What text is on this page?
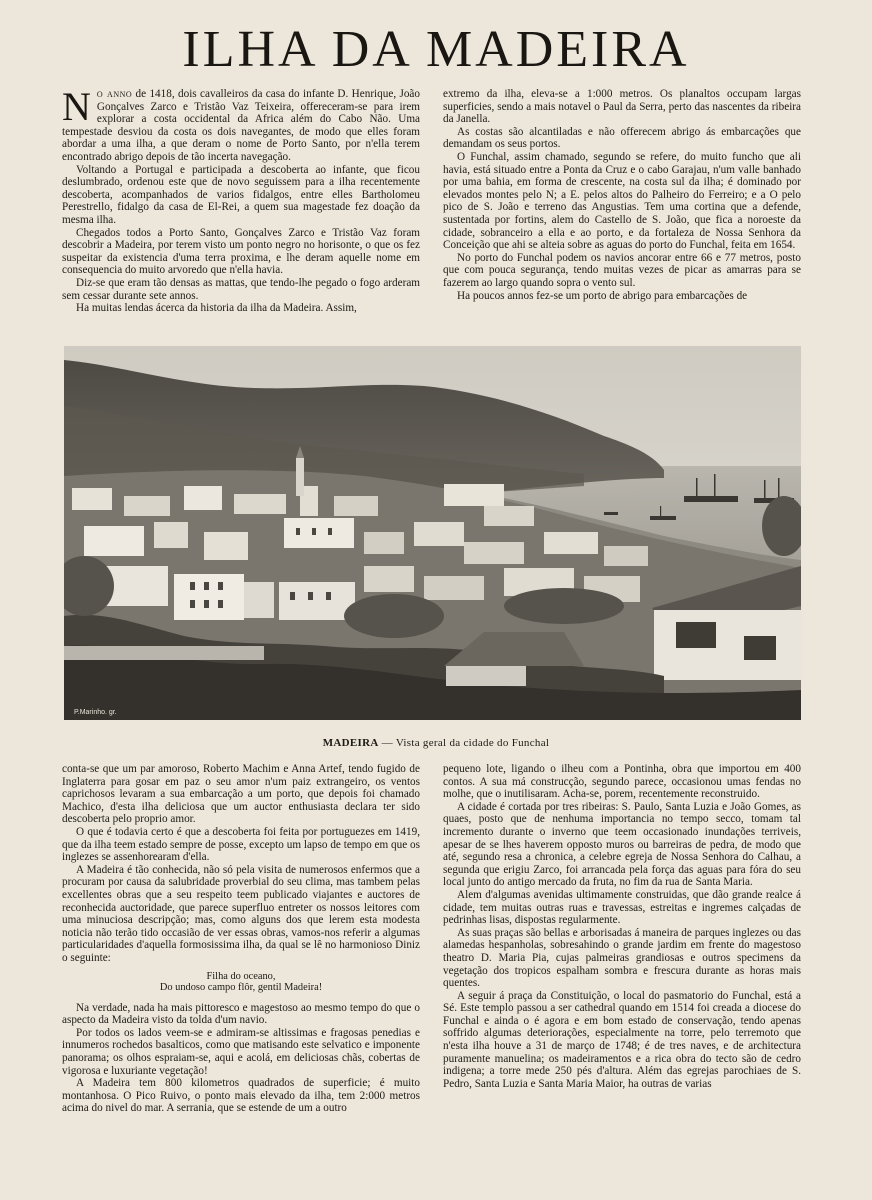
ILHA DA MADEIRA

No anno de 1418, dois cavalleiros da casa do infante D. Henrique, João Gonçalves Zarco e Tristão Vaz Teixeira, offereceram-se para irem explorar a costa occidental da Africa além do Cabo Não. Uma tempestade desviou da costa os dois navegantes, de modo que elles foram abordar a uma ilha, a que deram o nome de Porto Santo, por n'ella terem encontrado abrigo depois de tão incerta navegação.

Voltando a Portugal e participada a descoberta ao infante, que ficou deslumbrado, ordenou este que de novo seguissem para a ilha recentemente descoberta, acompanhados de varios fidalgos, entre elles Bartholomeu Perestrello, fidalgo da casa de El-Rei, a quem sua magestade fez doação da mesma ilha.

Chegados todos a Porto Santo, Gonçalves Zarco e Tristão Vaz foram descobrir a Madeira, por terem visto um ponto negro no horisonte, o que os fez suspeitar da existencia d'uma terra proxima, e lhe deram aquelle nome em consequencia do muito arvoredo que n'ella havia.

Diz-se que eram tão densas as mattas, que tendo-lhe pegado o fogo arderam sem cessar durante sete annos.

Ha muitas lendas ácerca da historia da ilha da Madeira. Assim,

extremo da ilha, eleva-se a 1:000 metros. Os planaltos occupam largas superficies, sendo a mais notavel o Paul da Serra, perto das nascentes da ribeira da Janella.

As costas são alcantiladas e não offerecem abrigo ás embarcações que demandam os seus portos.

O Funchal, assim chamado, segundo se refere, do muito funcho que ali havia, está situado entre a Ponta da Cruz e o cabo Garajau, n'um valle banhado por uma bahia, em forma de crescente, na costa sul da ilha; é dominado por elevados montes pelo N; a E. pelos altos do Palheiro do Ferreiro; e a O pelo pico de S. João e terreno das Angustias. Tem uma cortina que a defende, sustentada por fortins, alem do Castello de S. João, que fica a noroeste da cidade, sobranceiro a ella e ao porto, e da fortaleza de Nossa Senhora da Conceição que ahi se alteia sobre as aguas do porto do Funchal, feita em 1654.

No porto do Funchal podem os navios ancorar entre 66 e 77 metros, posto que com pouca segurança, tendo muitas vezes de picar as amarras para se fazerem ao largo quando sopra o vento sul.

Ha poucos annos fez-se um porto de abrigo para embarcações de

P.Marinho. gr.
MADEIRA — Vista geral da cidade do Funchal

conta-se que um par amoroso, Roberto Machim e Anna Artef, tendo fugido de Inglaterra para gosar em paz o seu amor n'um paiz extrangeiro, os ventos caprichosos levaram a sua embarcação a um porto, que depois foi chamado Machico, d'esta ilha deliciosa que um auctor enthusiasta declara ter sido descoberta pelo proprio amor.

O que é todavia certo é que a descoberta foi feita por portuguezes em 1419, que da ilha teem estado sempre de posse, excepto um lapso de tempo em que os inglezes se assenhorearam d'ella.

A Madeira é tão conhecida, não só pela visita de numerosos enfermos que a procuram por causa da salubridade proverbial do seu clima, mas tambem pelas excellentes obras que a seu respeito teem publicado viajantes e auctores de reconhecida auctoridade, que parece superfluo entreter os nossos leitores com uma minuciosa descripção; mas, como alguns dos que lerem esta modesta noticia não terão tido occasião de ver essas obras, vamos-nos referir a algumas particularidades d'aquella formosissima ilha, da qual se lê no harmonioso Diniz o seguinte:

Filha do oceano,
Do undoso campo flôr, gentil Madeira!

Na verdade, nada ha mais pittoresco e magestoso ao mesmo tempo do que o aspecto da Madeira visto da tolda d'um navio.

Por todos os lados veem-se e admiram-se altissimas e fragosas penedias e innumeros rochedos basalticos, como que matisando este selvatico e imponente panorama; os olhos espraiam-se, aqui e acolá, em deliciosas chãs, cobertas de vigorosa e luxuriante vegetação!

A Madeira tem 800 kilometros quadrados de superficie; é muito montanhosa. O Pico Ruivo, o ponto mais elevado da ilha, tem 2:000 metros acima do nivel do mar. A serrania, que se estende de um a outro

pequeno lote, ligando o ilheu com a Pontinha, obra que importou em 400 contos. A sua má construcção, segundo parece, occasionou umas fendas no molhe, que o inutilisaram. Acha-se, porem, recentemente reconstruido.

A cidade é cortada por tres ribeiras: S. Paulo, Santa Luzia e João Gomes, as quaes, posto que de nenhuma importancia no tempo secco, tomam tal incremento durante o inverno que teem occasionado inundações terriveis, apesar de se lhes haverem opposto muros ou barreiras de pedra, de modo que até, segundo resa a chronica, a celebre egreja de Nossa Senhora do Calhau, a segunda que erigiu Zarco, foi arrancada pela força das aguas para fóra do seu local junto do antigo mercado da fruta, no fim da rua de Santa Maria.

Alem d'algumas avenidas ultimamente construidas, que dão grande realce á cidade, tem muitas outras ruas e travessas, estreitas e ingremes calçadas de pedrinhas lisas, dispostas regularmente.

As suas praças são bellas e arborisadas á maneira de parques inglezes ou das alamedas hespanholas, sobresahindo o grande jardim em frente do magestoso theatro D. Maria Pia, cujas palmeiras grandiosas e outros specimens da vegetação dos tropicos espalham sombra e frescura durante as horas mais quentes.

A seguir á praça da Constituição, o local do pasmatorio do Funchal, está a Sé. Este templo passou a ser cathedral quando em 1514 foi creada a diocese do Funchal e ainda o é agora e em bom estado de conservação, tendo apenas soffrido algumas deteriorações, especialmente na torre, pelo terremoto que n'esta ilha houve a 31 de março de 1748; é de tres naves, e de architectura puramente manuelina; os madeiramentos e a rica obra do tecto são de cedro indigena; a torre mede 250 pés d'altura. Além das egrejas parochiaes de S. Pedro, Santa Luzia e Santa Maria Maior, ha outras de varias
